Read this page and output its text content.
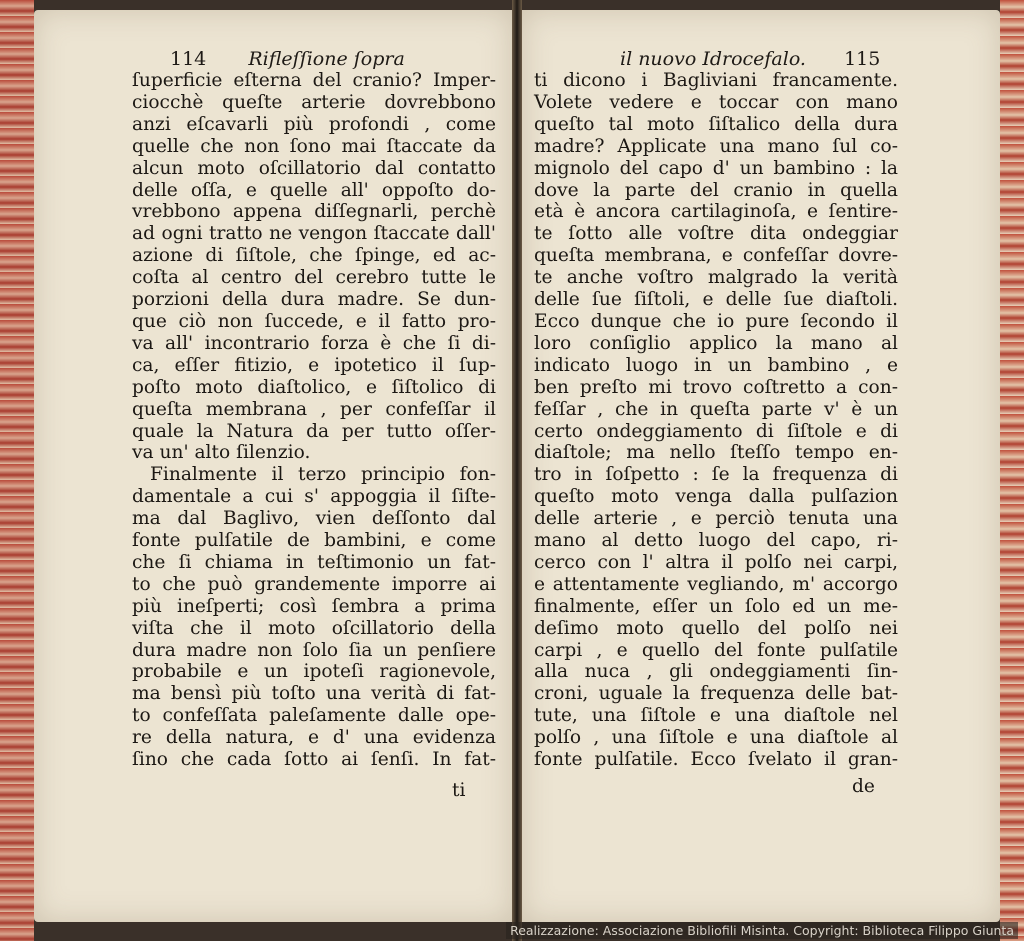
114 Rifleſſione ſopra
ſuperficie eſterna del cranio? Imper-
ciocchè queſte arterie dovrebbono
anzi eſcavarli più profondi , come
quelle che non ſono mai ſtaccate da
alcun moto oſcillatorio dal contatto
delle oſſa, e quelle all' oppoſto do-
vrebbono appena diſſegnarli, perchè
ad ogni tratto ne vengon ſtaccate dall'
azione di ſiſtole, che ſpinge, ed ac-
coſta al centro del cerebro tutte le
porzioni della dura madre. Se dun-
que ciò non ſuccede, e il fatto pro-
va all' incontrario forza è che ſi di-
ca, eſſer fitizio, e ipotetico il ſup-
poſto moto diaſtolico, e ſiſtolico di
queſta membrana , per confeſſar il
quale la Natura da per tutto oſſer-
va un' alto ſilenzio.
Finalmente il terzo principio fon-
damentale a cui s' appoggia il ſiſte-
ma dal Baglivo, vien deſſonto dal
fonte pulſatile de bambini, e come
che ſi chiama in teſtimonio un fat-
to che può grandemente imporre ai
più ineſperti; così ſembra a prima
viſta che il moto oſcillatorio della
dura madre non ſolo ſia un penſiere
probabile e un ipoteſi ragionevole,
ma bensì più toſto una verità di fat-
to confeſſata paleſamente dalle ope-
re della natura, e d' una evidenza
ſino che cada ſotto ai ſenſi. In fat-
ti
il nuovo Idrocefalo. 115
ti dicono i Bagliviani francamente.
Volete vedere e toccar con mano
queſto tal moto ſiſtalico della dura
madre? Applicate una mano ſul co-
mignolo del capo d' un bambino : la
dove la parte del cranio in quella
età è ancora cartilaginoſa, e ſentire-
te ſotto alle voſtre dita ondeggiar
queſta membrana, e confeſſar dovre-
te anche voſtro malgrado la verità
delle ſue ſiſtoli, e delle ſue diaſtoli.
Ecco dunque che io pure ſecondo il
loro conſiglio applico la mano al
indicato luogo in un bambino , e
ben preſto mi trovo coſtretto a con-
feſſar , che in queſta parte v' è un
certo ondeggiamento di ſiſtole e di
diaſtole; ma nello ſteſſo tempo en-
tro in ſoſpetto : ſe la frequenza di
queſto moto venga dalla pulſazion
delle arterie , e perciò tenuta una
mano al detto luogo del capo, ri-
cerco con l' altra il polſo nei carpi,
e attentamente vegliando, m' accorgo
finalmente, eſſer un ſolo ed un me-
deſimo moto quello del polſo nei
carpi , e quello del fonte pulſatile
alla nuca , gli ondeggiamenti ſin-
croni, uguale la frequenza delle bat-
tute, una ſiſtole e una diaſtole nel
polſo , una ſiſtole e una diaſtole al
fonte pulſatile. Ecco ſvelato il gran-
de
Realizzazione: Associazione Bibliofili Misinta. Copyright: Biblioteca Filippo Giunta
